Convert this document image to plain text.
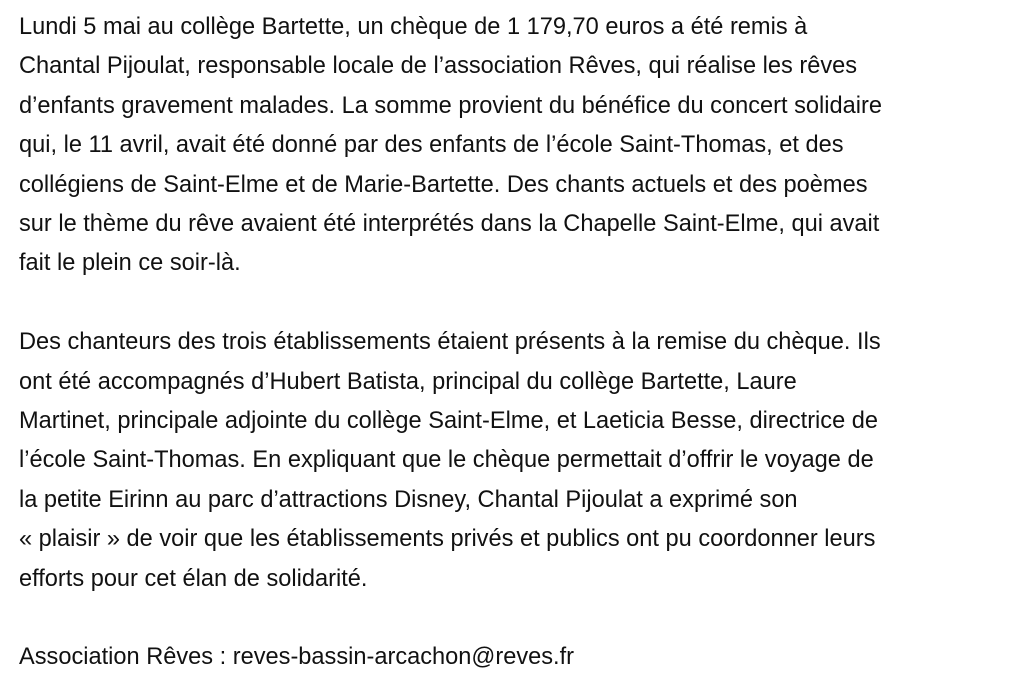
Lundi 5 mai au collège Bartette, un chèque de 1 179,70 euros a été remis à
Chantal Pijoulat, responsable locale de l’association Rêves, qui réalise les rêves
d’enfants gravement malades. La somme provient du bénéfice du concert solidaire
qui, le 11 avril, avait été donné par des enfants de l’école Saint-Thomas, et des
collégiens de Saint-Elme et de Marie-Bartette. Des chants actuels et des poèmes
sur le thème du rêve avaient été interprétés dans la Chapelle Saint-Elme, qui avait
fait le plein ce soir-là.

Des chanteurs des trois établissements étaient présents à la remise du chèque. Ils
ont été accompagnés d’Hubert Batista, principal du collège Bartette, Laure
Martinet, principale adjointe du collège Saint-Elme, et Laeticia Besse, directrice de
l’école Saint-Thomas. En expliquant que le chèque permettait d’offrir le voyage de
la petite Eirinn au parc d’attractions Disney, Chantal Pijoulat a exprimé son
« plaisir » de voir que les établissements privés et publics ont pu coordonner leurs
efforts pour cet élan de solidarité.

Association Rêves : reves-bassin-arcachon@reves.fr
